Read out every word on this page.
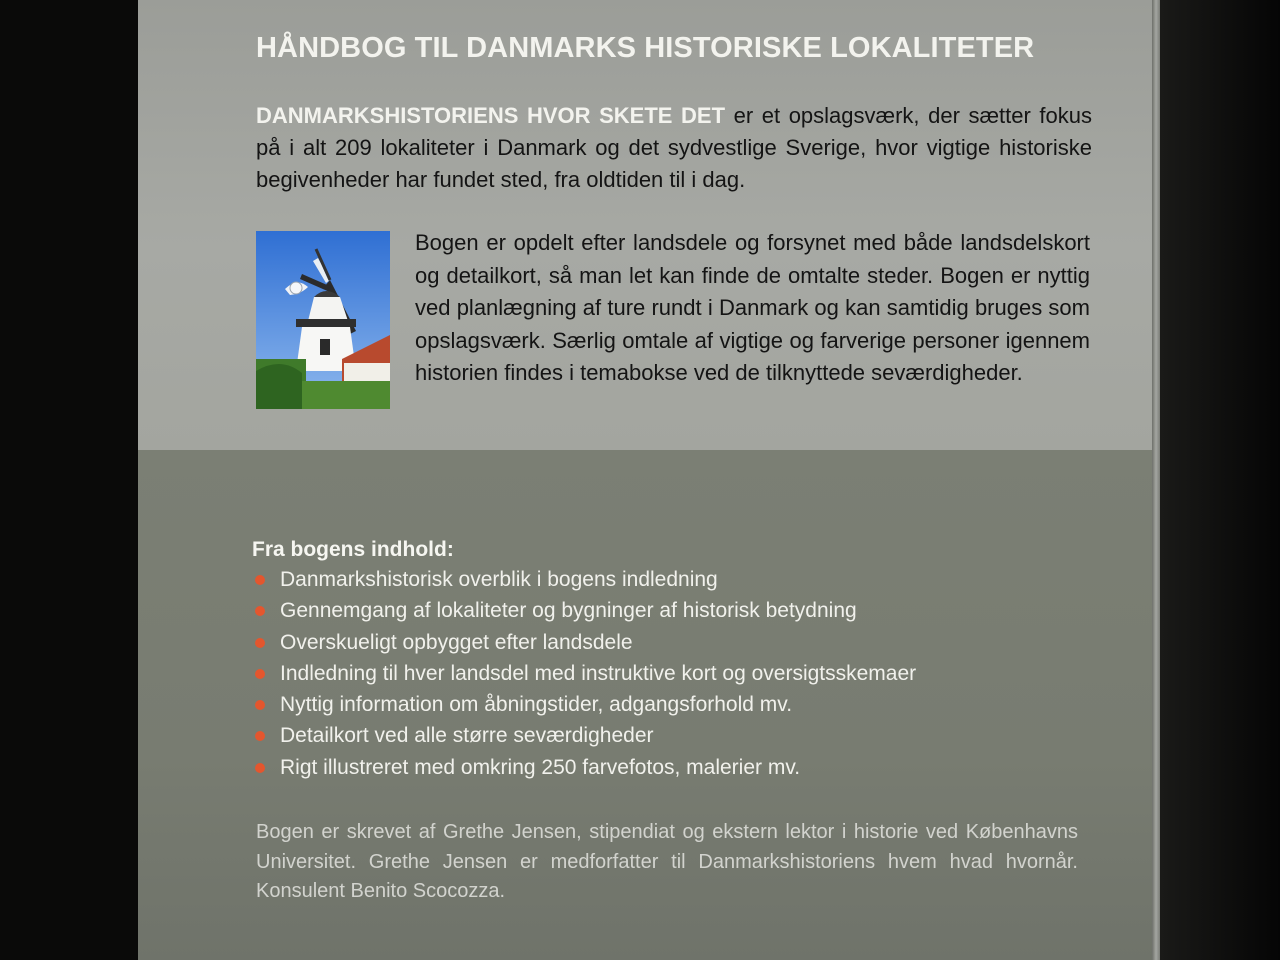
HÅNDBOG TIL DANMARKS HISTORISKE LOKALITETER
DANMARKSHISTORIENS HVOR SKETE DET er et opslagsværk, der sætter fokus på i alt 209 lokaliteter i Danmark og det sydvestlige Sverige, hvor vigtige historiske begivenheder har fundet sted, fra oldtiden til i dag.
Bogen er opdelt efter landsdele og forsynet med både landsdelskort og detailkort, så man let kan finde de omtalte steder. Bogen er nyttig ved planlægning af ture rundt i Danmark og kan samtidig bruges som opslagsværk. Særlig omtale af vigtige og farverige personer igennem historien findes i temabokse ved de tilknyttede seværdigheder.
Fra bogens indhold:
Danmarkshistorisk overblik i bogens indledning
Gennemgang af lokaliteter og bygninger af historisk betydning
Overskueligt opbygget efter landsdele
Indledning til hver landsdel med instruktive kort og oversigtsskemaer
Nyttig information om åbningstider, adgangsforhold mv.
Detailkort ved alle større seværdigheder
Rigt illustreret med omkring 250 farvefotos, malerier mv.
Bogen er skrevet af Grethe Jensen, stipendiat og ekstern lektor i historie ved Københavns Universitet. Grethe Jensen er medforfatter til Danmarkshistoriens hvem hvad hvornår. Konsulent Benito Scocozza.
